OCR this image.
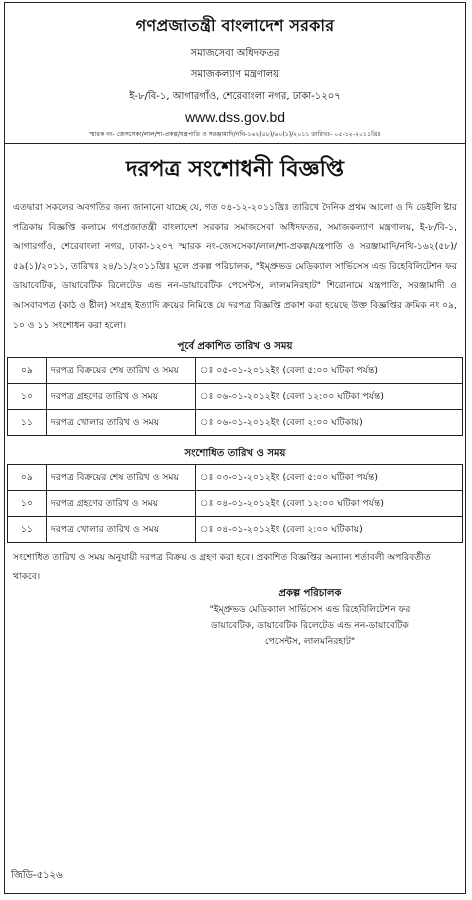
গণপ্রজাতন্ত্রী বাংলাদেশ সরকার
সমাজসেবা অধিদফতর
সমাজকল্যাণ মন্ত্রণালয়
ই-৮/বি-১, আগারগাঁও, শেরেবাংলা নগর, ঢাকা-১২০৭
www.dss.gov.bd
স্মারক নং- জেসসেকা/লাল/শা-প্রকল্প/যন্ত্রপাতি ও সরঞ্জামাদি/নথি-১৬২(৫৮)/৬০(১)/২০১১ তারিখঃ- ০৫-১২-২০১১খ্রিঃ
দরপত্র সংশোধনী বিজ্ঞপ্তি
এতদ্বারা সকলের অবগতির জন্য জানানো যাচ্ছে যে, গত ০৪-১২-২০১১খ্রিঃ তারিখে দৈনিক প্রথম আলো ও দি ডেইলি ষ্টার পত্রিকায় বিজ্ঞপ্তি কলামে গণপ্রজাতন্ত্রী বাংলাদেশ সরকার সমাজসেবা অধিদফতর, সমাজকল্যাণ মন্ত্রণালয়, ই-৮/বি-১, আগারগাঁও, শেরেবাংলা নগর, ঢাকা-১২০৭ স্মারক নং-জেসসেকা/লাল/শা-প্রকল্প/যন্ত্রপাতি ও সরঞ্জামাদি/নথি-১৬২(৫৮)/৫৯(১)/২০১১, তারিখঃ ২৪/১১/২০১১খ্রিঃ মূলে প্রকল্প পরিচালক, "ইম্প্রুভড মেডিক্যাল সার্ভিসেস এন্ড রিহেবিলিটেশন ফর ডায়াবেটিক, ডায়াবেটিক রিলেটেড এন্ড নন-ডায়াবেটিক পেসেন্টস, লালমনিরহাট" শিরোনামে যন্ত্রপাতি, সরঞ্জামাদী ও আসবাবপত্র (কাঠ ও ষ্টীল) সংগ্রহ ইত্যাদি ক্রয়ের নিমিত্তে যে দরপত্র বিজ্ঞপ্তি প্রকাশ করা হয়েছে উক্ত বিজ্ঞপ্তির ক্রমিক নং ০৯, ১০ ও ১১ সংশোধন করা হলো।
পূর্বে প্রকাশিত তারিখ ও সময়
০৯	দরপত্র বিক্রয়ের শেষ তারিখ ও সময়	ঃ ০৫-০১-২০১২ইং (বেলা ৫:০০ ঘটিকা পর্যন্ত)
১০	দরপত্র গ্রহণের তারিখ ও সময়	ঃ ০৬-০১-২০১২ইং (বেলা ১২:০০ ঘটিকা পর্যন্ত)
১১	দরপত্র খোলার তারিখ ও সময়	ঃ ০৬-০১-২০১২ইং (বেলা ২:০০ ঘটিকায়)
সংশোধিত তারিখ ও সময়
০৯	দরপত্র বিক্রয়ের শেষ তারিখ ও সময়	ঃ ০৩-০১-২০১২ইং (বেলা ৫:০০ ঘটিকা পর্যন্ত)
১০	দরপত্র গ্রহণের তারিখ ও সময়	ঃ ০৪-০১-২০১২ইং (বেলা ১২:০০ ঘটিকা পর্যন্ত)
১১	দরপত্র খোলার তারিখ ও সময়	ঃ ০৪-০১-২০১২ইং (বেলা ২:০০ ঘটিকায়)
সংশোধিত তারিখ ও সময় অনুযায়ী দরপত্র বিক্রয় ও গ্রহণ করা হবে। প্রকাশিত বিজ্ঞপ্তির অন্যান্য শর্তাবলী অপরিবর্তীত থাকবে।
প্রকল্প পরিচালক
"ইম্প্রুভড মেডিক্যাল সার্ভিসেস এন্ড রিহেবিলিটেশন ফর
ডায়াবেটিক, ডায়াবেটিক রিলেটেড এন্ড নন-ডায়াবেটিক
পেসেন্টস, লালমনিরহাট"
জিডি-৫১২৬
